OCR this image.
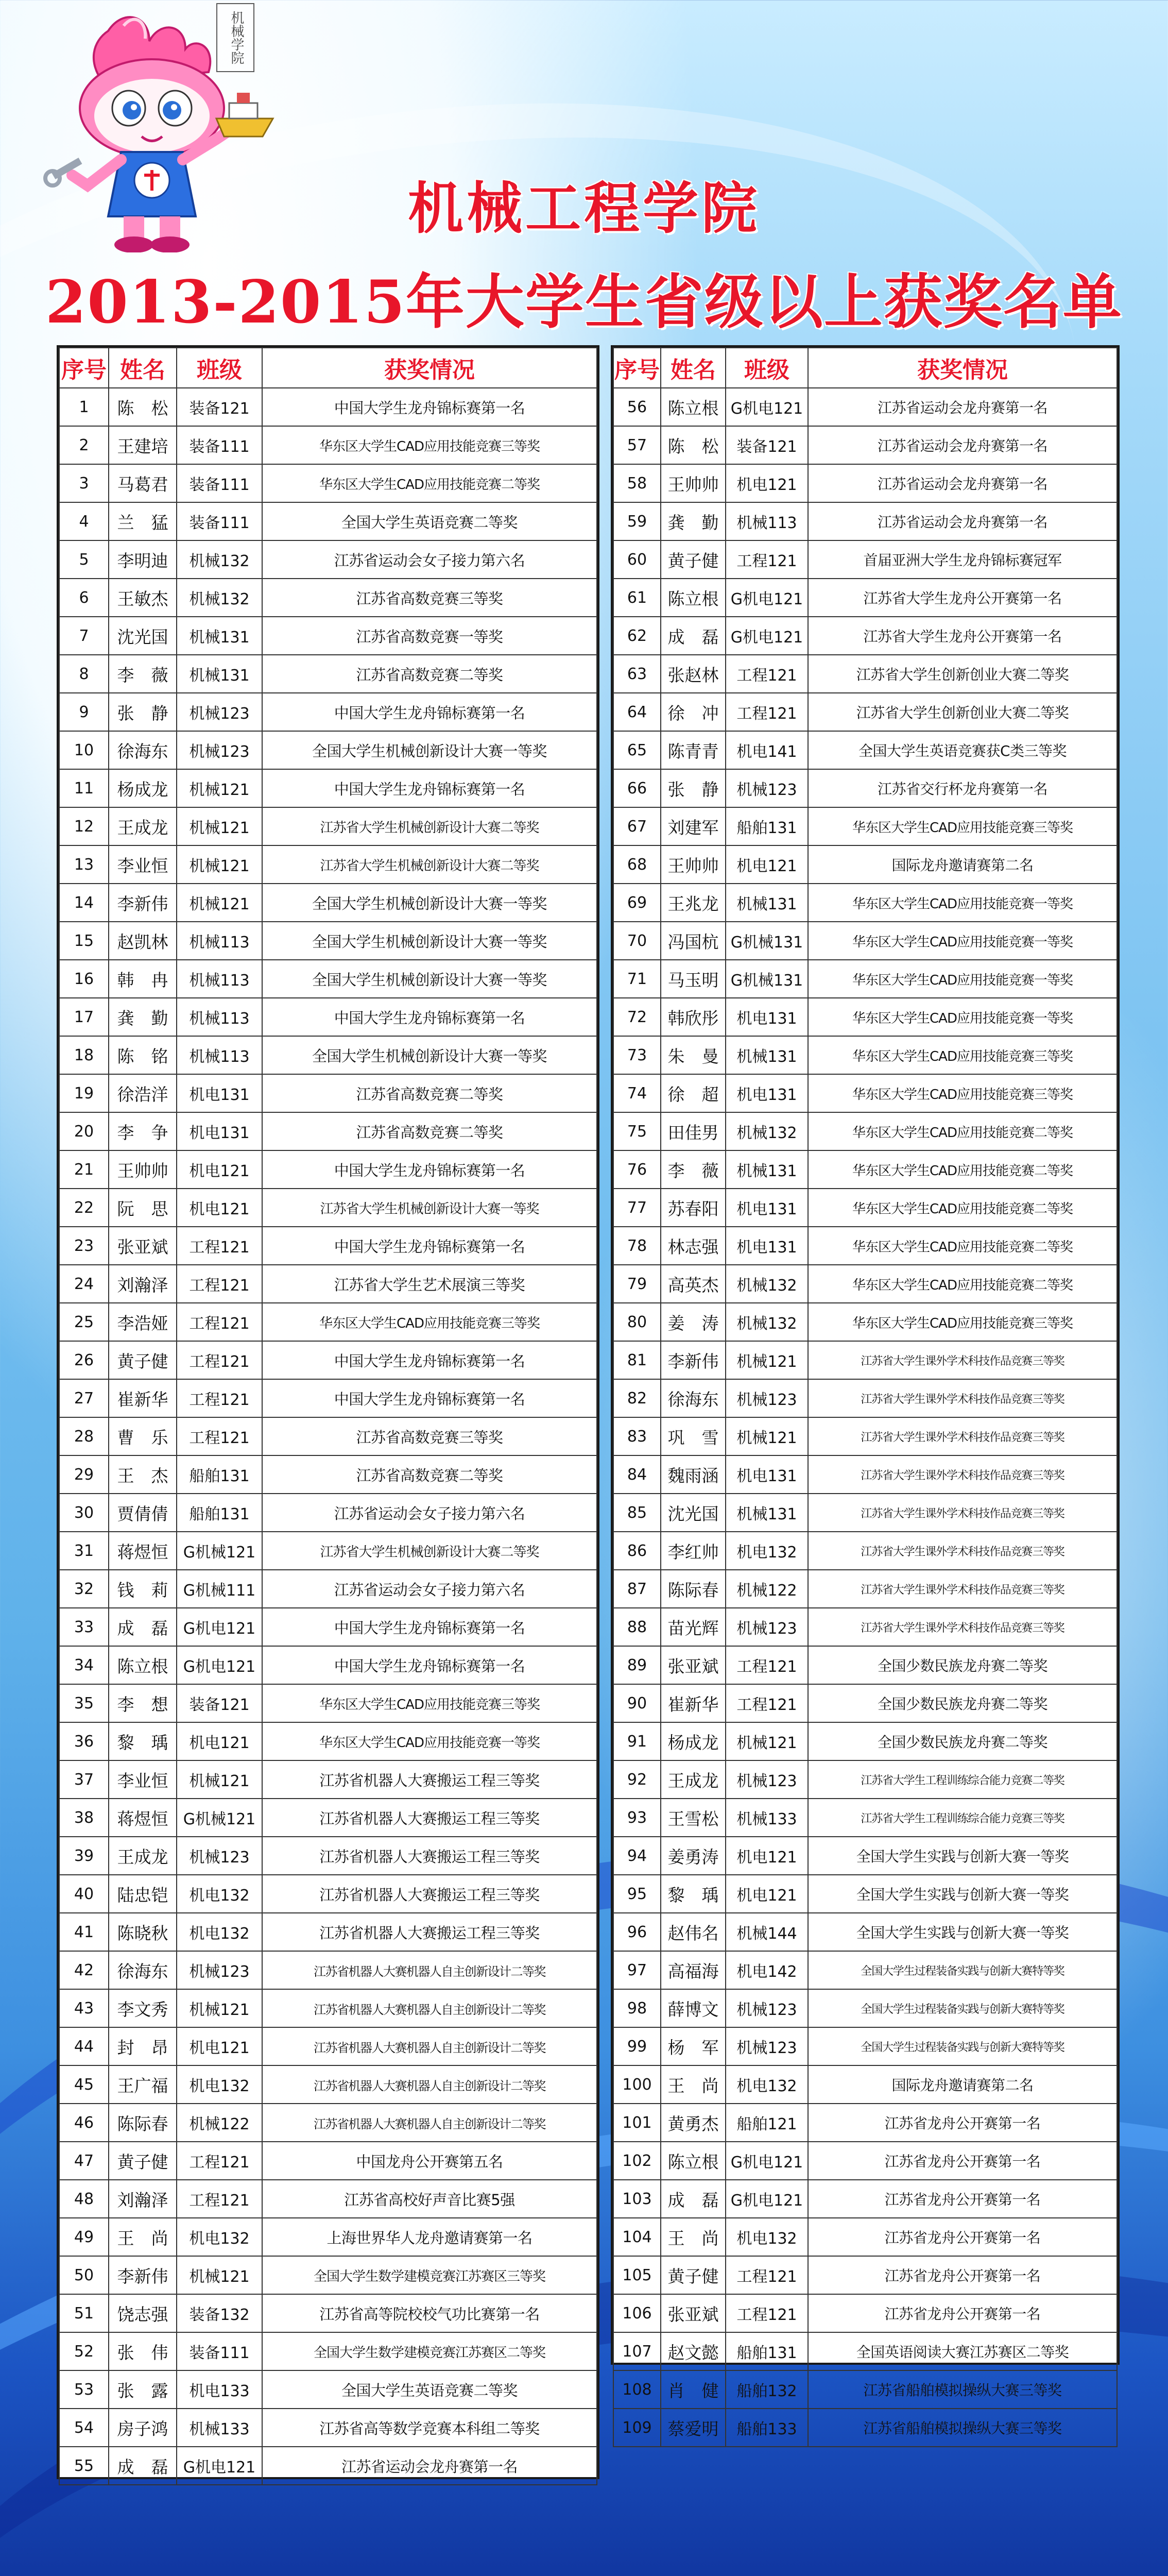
机械学院
机械工程学院
2013-2015年大学生省级以上获奖名单
序号	姓名	班级	获奖情况
1	陈　松	装备121	中国大学生龙舟锦标赛第一名
2	王建培	装备111	华东区大学生CAD应用技能竞赛三等奖
3	马葛君	装备111	华东区大学生CAD应用技能竞赛二等奖
4	兰　猛	装备111	全国大学生英语竞赛二等奖
5	李明迪	机械132	江苏省运动会女子接力第六名
6	王敏杰	机械132	江苏省高数竞赛三等奖
7	沈光国	机械131	江苏省高数竞赛一等奖
8	李　薇	机械131	江苏省高数竞赛二等奖
9	张　静	机械123	中国大学生龙舟锦标赛第一名
10	徐海东	机械123	全国大学生机械创新设计大赛一等奖
11	杨成龙	机械121	中国大学生龙舟锦标赛第一名
12	王成龙	机械121	江苏省大学生机械创新设计大赛二等奖
13	李业恒	机械121	江苏省大学生机械创新设计大赛二等奖
14	李新伟	机械121	全国大学生机械创新设计大赛一等奖
15	赵凯林	机械113	全国大学生机械创新设计大赛一等奖
16	韩　冉	机械113	全国大学生机械创新设计大赛一等奖
17	龚　勤	机械113	中国大学生龙舟锦标赛第一名
18	陈　铭	机械113	全国大学生机械创新设计大赛一等奖
19	徐浩洋	机电131	江苏省高数竞赛二等奖
20	李　争	机电131	江苏省高数竞赛二等奖
21	王帅帅	机电121	中国大学生龙舟锦标赛第一名
22	阮　思	机电121	江苏省大学生机械创新设计大赛一等奖
23	张亚斌	工程121	中国大学生龙舟锦标赛第一名
24	刘瀚泽	工程121	江苏省大学生艺术展演三等奖
25	李浩娅	工程121	华东区大学生CAD应用技能竞赛三等奖
26	黄子健	工程121	中国大学生龙舟锦标赛第一名
27	崔新华	工程121	中国大学生龙舟锦标赛第一名
28	曹　乐	工程121	江苏省高数竞赛三等奖
29	王　杰	船舶131	江苏省高数竞赛二等奖
30	贾倩倩	船舶131	江苏省运动会女子接力第六名
31	蒋煜恒	G机械121	江苏省大学生机械创新设计大赛二等奖
32	钱　莉	G机械111	江苏省运动会女子接力第六名
33	成　磊	G机电121	中国大学生龙舟锦标赛第一名
34	陈立根	G机电121	中国大学生龙舟锦标赛第一名
35	李　想	装备121	华东区大学生CAD应用技能竞赛三等奖
36	黎　瑀	机电121	华东区大学生CAD应用技能竞赛一等奖
37	李业恒	机械121	江苏省机器人大赛搬运工程三等奖
38	蒋煜恒	G机械121	江苏省机器人大赛搬运工程三等奖
39	王成龙	机械123	江苏省机器人大赛搬运工程三等奖
40	陆忠铠	机电132	江苏省机器人大赛搬运工程三等奖
41	陈晓秋	机电132	江苏省机器人大赛搬运工程三等奖
42	徐海东	机械123	江苏省机器人大赛机器人自主创新设计二等奖
43	李文秀	机械121	江苏省机器人大赛机器人自主创新设计二等奖
44	封　昂	机电121	江苏省机器人大赛机器人自主创新设计二等奖
45	王广福	机电132	江苏省机器人大赛机器人自主创新设计二等奖
46	陈际春	机械122	江苏省机器人大赛机器人自主创新设计二等奖
47	黄子健	工程121	中国龙舟公开赛第五名
48	刘瀚泽	工程121	江苏省高校好声音比赛5强
49	王　尚	机电132	上海世界华人龙舟邀请赛第一名
50	李新伟	机械121	全国大学生数学建模竞赛江苏赛区三等奖
51	饶志强	装备132	江苏省高等院校校气功比赛第一名
52	张　伟	装备111	全国大学生数学建模竞赛江苏赛区二等奖
53	张　露	机电133	全国大学生英语竞赛二等奖
54	房子鸿	机械133	江苏省高等数学竞赛本科组二等奖
55	成　磊	G机电121	江苏省运动会龙舟赛第一名
序号	姓名	班级	获奖情况
56	陈立根	G机电121	江苏省运动会龙舟赛第一名
57	陈　松	装备121	江苏省运动会龙舟赛第一名
58	王帅帅	机电121	江苏省运动会龙舟赛第一名
59	龚　勤	机械113	江苏省运动会龙舟赛第一名
60	黄子健	工程121	首届亚洲大学生龙舟锦标赛冠军
61	陈立根	G机电121	江苏省大学生龙舟公开赛第一名
62	成　磊	G机电121	江苏省大学生龙舟公开赛第一名
63	张赵林	工程121	江苏省大学生创新创业大赛二等奖
64	徐　冲	工程121	江苏省大学生创新创业大赛二等奖
65	陈青青	机电141	全国大学生英语竞赛获C类三等奖
66	张　静	机械123	江苏省交行杯龙舟赛第一名
67	刘建军	船舶131	华东区大学生CAD应用技能竞赛三等奖
68	王帅帅	机电121	国际龙舟邀请赛第二名
69	王兆龙	机械131	华东区大学生CAD应用技能竞赛一等奖
70	冯国杭	G机械131	华东区大学生CAD应用技能竞赛一等奖
71	马玉明	G机械131	华东区大学生CAD应用技能竞赛一等奖
72	韩欣彤	机电131	华东区大学生CAD应用技能竞赛一等奖
73	朱　曼	机械131	华东区大学生CAD应用技能竞赛三等奖
74	徐　超	机电131	华东区大学生CAD应用技能竞赛三等奖
75	田佳男	机械132	华东区大学生CAD应用技能竞赛二等奖
76	李　薇	机械131	华东区大学生CAD应用技能竞赛二等奖
77	苏春阳	机电131	华东区大学生CAD应用技能竞赛二等奖
78	林志强	机电131	华东区大学生CAD应用技能竞赛二等奖
79	高英杰	机械132	华东区大学生CAD应用技能竞赛二等奖
80	姜　涛	机械132	华东区大学生CAD应用技能竞赛三等奖
81	李新伟	机械121	江苏省大学生课外学术科技作品竞赛三等奖
82	徐海东	机械123	江苏省大学生课外学术科技作品竞赛三等奖
83	巩　雪	机械121	江苏省大学生课外学术科技作品竞赛三等奖
84	魏雨涵	机电131	江苏省大学生课外学术科技作品竞赛三等奖
85	沈光国	机械131	江苏省大学生课外学术科技作品竞赛三等奖
86	李红帅	机电132	江苏省大学生课外学术科技作品竞赛三等奖
87	陈际春	机械122	江苏省大学生课外学术科技作品竞赛三等奖
88	苗光辉	机械123	江苏省大学生课外学术科技作品竞赛三等奖
89	张亚斌	工程121	全国少数民族龙舟赛二等奖
90	崔新华	工程121	全国少数民族龙舟赛二等奖
91	杨成龙	机械121	全国少数民族龙舟赛二等奖
92	王成龙	机械123	江苏省大学生工程训练综合能力竞赛二等奖
93	王雪松	机械133	江苏省大学生工程训练综合能力竞赛三等奖
94	姜勇涛	机电121	全国大学生实践与创新大赛一等奖
95	黎　瑀	机电121	全国大学生实践与创新大赛一等奖
96	赵伟名	机械144	全国大学生实践与创新大赛一等奖
97	高福海	机电142	全国大学生过程装备实践与创新大赛特等奖
98	薛博文	机械123	全国大学生过程装备实践与创新大赛特等奖
99	杨　军	机械123	全国大学生过程装备实践与创新大赛特等奖
100	王　尚	机电132	国际龙舟邀请赛第二名
101	黄勇杰	船舶121	江苏省龙舟公开赛第一名
102	陈立根	G机电121	江苏省龙舟公开赛第一名
103	成　磊	G机电121	江苏省龙舟公开赛第一名
104	王　尚	机电132	江苏省龙舟公开赛第一名
105	黄子健	工程121	江苏省龙舟公开赛第一名
106	张亚斌	工程121	江苏省龙舟公开赛第一名
107	赵文懿	船舶131	全国英语阅读大赛江苏赛区二等奖
108	肖　健	船舶132	江苏省船舶模拟操纵大赛三等奖
109	蔡爱明	船舶133	江苏省船舶模拟操纵大赛三等奖
